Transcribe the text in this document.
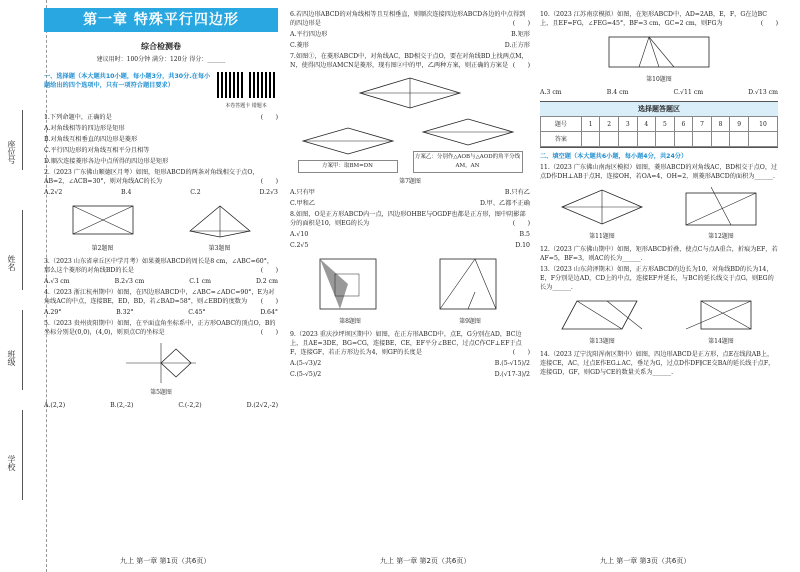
座位号
姓名
班级
学校
第一章 特殊平行四边形
综合检测卷
建议用时：100分钟 满分：120分 得分：______
一、选择题（本大题共10小题，每小题3分，共30分.在每小题给出的四个选项中，只有一项符合题目要求）

本卷答题卡 错题本
1.下列命题中，正确的是	(　　)
A.对角线相等的四边形是矩形
B.对角线互相垂直的四边形是菱形
C.平行四边形的对角线互相平分且相等
D.顺次连接菱形各边中点所得的四边形是矩形
2.（2023 广东佛山顺德区月考）如图，矩形ABCD的两条对角线相交于点O，AB=2，∠ACB=30°，则对角线AC的长为	(　　)
A.2√2	B.4	C.2	D.2√3
第2题图	第3题图
3.（2023 山东省章丘区中学月考）如果菱形ABCD的周长是8 cm，∠ABC=60°，那么这个菱形的对角线BD的长是	(　　)
A.√3 cm	B.2√3 cm	C.1 cm	D.2 cm
4.（2023 浙江杭州期中）如图，在四边形ABCD中，∠ABC=∠ADC=90°，E为对角线AC的中点，连接BE，ED，BD，若∠BAD=58°，则∠EBD的度数为 (　　)
A.29°	B.32°	C.45°	D.64°
5.（2023 贵州贵阳期中）如图，在平面直角坐标系中，正方形OABC的顶点O，B的坐标分别是(0,0)，(4,0)，则顶点C的坐标是	(　　)
第5题图
A.(2,2)	B.(2,-2)	C.(-2,2)	D.(2√2,-2)
九上 第一章 第1页（共6页）
6.若四边形ABCD的对角线相等且互相垂直，则顺次连接四边形ABCD各边的中点得到的四边形是	(　　)
A.平行四边形	B.矩形
C.菱形	D.正方形
7.如图①，在菱形ABCD中，对角线AC，BD相交于点O，要在对角线BD上找两点M，N，使得四边形AMCN是菱形，现有图②中的甲，乙两种方案，则正确的方案是 (　　)
方案甲：取BM=DN
方案乙：分别作△AOB与△AOD的角平分线AM，AN
第7题图
A.只有甲	B.只有乙
C.甲和乙	D.甲、乙都不正确
8.如图，O是正方形ABCD内一点，四边形OHBE与OGDF也都是正方形，图中阴影部分的面积是10，则EG的长为	(　　)
A.√10	B.5
C.2√5	D.10
第8题图	第9题图
9.（2023 重庆沙坪坝区期中）如图，在正方形ABCD中，点E，G分别在AD，BC边上，且AE=3DE，BG=CG，连接BE，CE，EF平分∠BEC，过点C作CF⊥EF于点F，连接GF，若正方形边长为4，则GF的长度是	(　　)
A.(5-√3)/2	B.(5-√15)/2
C.(5-√5)/2	D.(√17-3)/2
九上 第一章 第2页（共6页）
10.（2023 江苏南京模拟）如图，在矩形ABCD中，AD=2AB，E，F，G在边BC上，且EF=FG，∠FEG=45°，BF=3 cm，GC=2 cm，则FG为	(　　)
第10题图
A.3 cm	B.4 cm	C.√11 cm	D.√13 cm
选择题答题区
题号	1	2	3	4	5	6	7	8	9	10
答案										
二、填空题（本大题共6小题，每小题4分，共24分）
11.（2023 广东佛山南海区模拟）如图，菱形ABCD的对角线AC，BD相交于点O，过点D作DH⊥AB于点H，连接OH，若OA=4，OH=2，则菱形ABCD的面积为______.
第11题图	第12题图
12.（2023 广东佛山期中）如图，矩形ABCD折叠，使点C与点A重合，折痕为EF，若AF=5，BF=3，则AC的长为______.
13.（2023 山东菏泽期末）如图，正方形ABCD的边长为10，对角线BD的长为14，E，F分别是边AD，CD上的中点，连接EF并延长，与BC的延长线交于点G，则EG的长为______.
第13题图	第14题图
14.（2023 辽宁沈阳浑南区期中）如图，四边形ABCD是正方形，点E在线段AB上，连接CE，AC，过点E作EG⊥AC，垂足为G，过点D作DF∥CE交BA的延长线于点F，连接GD，GF，则GD与CE的数量关系为______.
九上 第一章 第3页（共6页）
